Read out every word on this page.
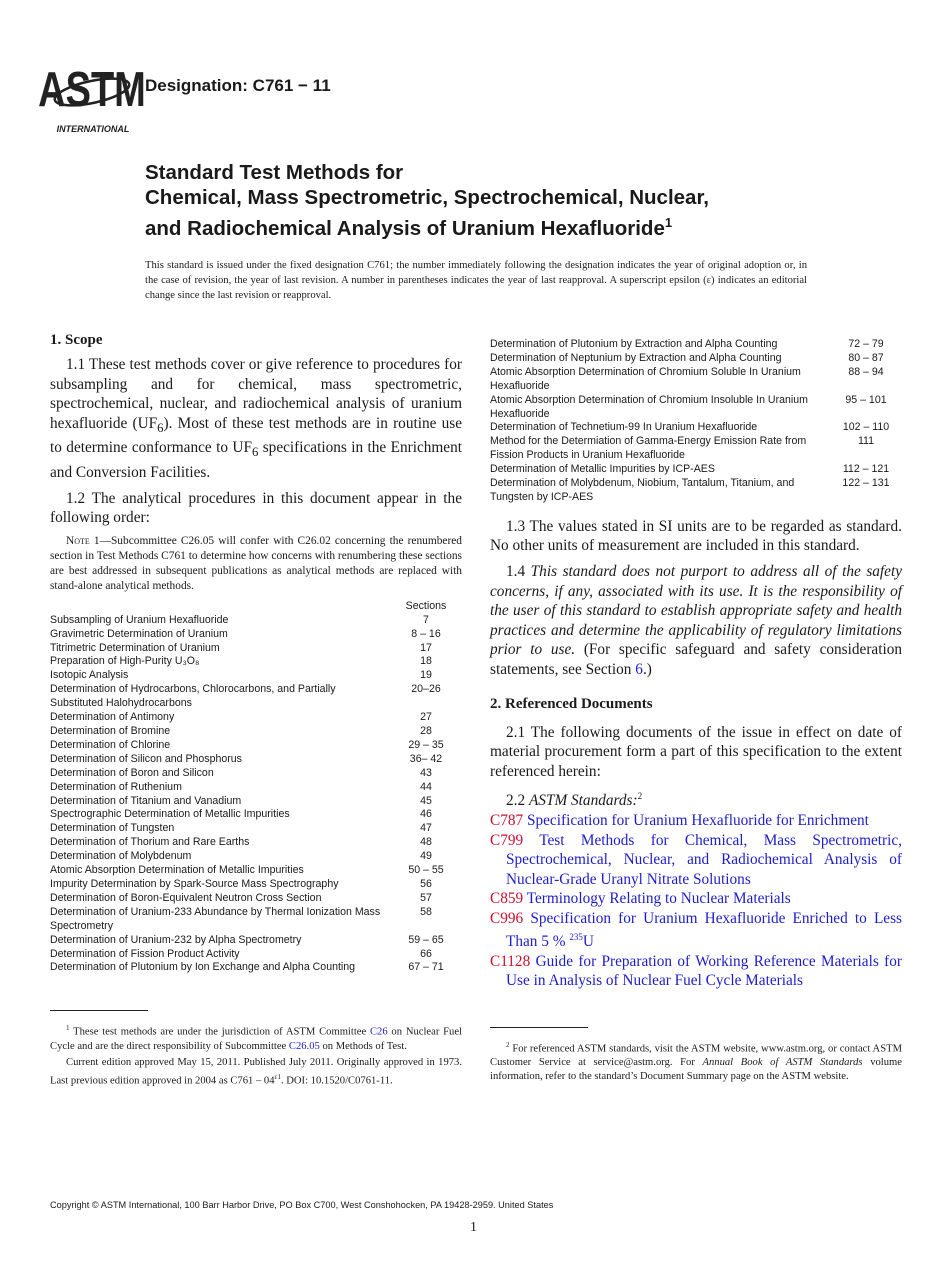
ASTM
INTERNATIONAL
Designation: C761 − 11
Standard Test Methods for
Chemical, Mass Spectrometric, Spectrochemical, Nuclear,
and Radiochemical Analysis of Uranium Hexafluoride$^1$
This standard is issued under the fixed designation C761; the number immediately following the designation indicates the year of original adoption or, in the case of revision, the year of last revision. A number in parentheses indicates the year of last reapproval. A superscript epsilon (ε) indicates an editorial change since the last revision or reapproval.
1. Scope

1.1 These test methods cover or give reference to procedures for subsampling and for chemical, mass spectrometric, spectrochemical, nuclear, and radiochemical analysis of uranium hexafluoride $(UF_6)$. Most of these test methods are in routine use to determine conformance to $UF_6$ specifications in the Enrichment and Conversion Facilities.

1.2 The analytical procedures in this document appear in the following order:

Note 1—Subcommittee C26.05 will confer with C26.02 concerning the renumbered section in Test Methods C761 to determine how concerns with renumbering these sections are best addressed in subsequent publications as analytical methods are replaced with stand-alone analytical methods.

	Sections
Subsampling of Uranium Hexafluoride	7
Gravimetric Determination of Uranium	8 – 16
Titrimetric Determination of Uranium	17
Preparation of High-Purity U₃O₈	18
Isotopic Analysis	19
Determination of Hydrocarbons, Chlorocarbons, and Partially Substituted Halohydrocarbons	20–26
Determination of Antimony	27
Determination of Bromine	28
Determination of Chlorine	29 – 35
Determination of Silicon and Phosphorus	36– 42
Determination of Boron and Silicon	43
Determination of Ruthenium	44
Determination of Titanium and Vanadium	45
Spectrographic Determination of Metallic Impurities	46
Determination of Tungsten	47
Determination of Thorium and Rare Earths	48
Determination of Molybdenum	49
Atomic Absorption Determination of Metallic Impurities	50 – 55
Impurity Determination by Spark-Source Mass Spectrography	56
Determination of Boron-Equivalent Neutron Cross Section	57
Determination of Uranium-233 Abundance by Thermal Ionization Mass Spectrometry	58
Determination of Uranium-232 by Alpha Spectrometry	59 – 65
Determination of Fission Product Activity	66
Determination of Plutonium by Ion Exchange and Alpha Counting	67 – 71

$^1$ These test methods are under the jurisdiction of ASTM Committee C26 on Nuclear Fuel Cycle and are the direct responsibility of Subcommittee C26.05 on Methods of Test.

Current edition approved May 15, 2011. Published July 2011. Originally approved in 1973. Last previous edition approved in 2004 as $C761 - 04^{\varepsilon 1}$. DOI: 10.1520/C0761-11.

Determination of Plutonium by Extraction and Alpha Counting	72 – 79
Determination of Neptunium by Extraction and Alpha Counting	80 – 87
Atomic Absorption Determination of Chromium Soluble In Uranium Hexafluoride	88 – 94
Atomic Absorption Determination of Chromium Insoluble In Uranium Hexafluoride	95 – 101
Determination of Technetium-99 In Uranium Hexafluoride	102 – 110
Method for the Determiation of Gamma-Energy Emission Rate from Fission Products in Uranium Hexafluoride	111
Determination of Metallic Impurities by ICP-AES	112 – 121
Determination of Molybdenum, Niobium, Tantalum, Titanium, and Tungsten by ICP-AES	122 – 131

1.3 The values stated in SI units are to be regarded as standard. No other units of measurement are included in this standard.

1.4 This standard does not purport to address all of the safety concerns, if any, associated with its use. It is the responsibility of the user of this standard to establish appropriate safety and health practices and determine the applicability of regulatory limitations prior to use. (For specific safeguard and safety consideration statements, see Section 6.)

2. Referenced Documents

2.1 The following documents of the issue in effect on date of material procurement form a part of this specification to the extent referenced herein:

2.2 ASTM Standards:$^2$

C787 Specification for Uranium Hexafluoride for Enrichment
C799 Test Methods for Chemical, Mass Spectrometric, Spectrochemical, Nuclear, and Radiochemical Analysis of Nuclear-Grade Uranyl Nitrate Solutions
C859 Terminology Relating to Nuclear Materials
C996 Specification for Uranium Hexafluoride Enriched to Less Than 5 % $^{235}$U
C1128 Guide for Preparation of Working Reference Materials for Use in Analysis of Nuclear Fuel Cycle Materials

$^2$ For referenced ASTM standards, visit the ASTM website, www.astm.org, or contact ASTM Customer Service at service@astm.org. For Annual Book of ASTM Standards volume information, refer to the standard’s Document Summary page on the ASTM website.

Copyright © ASTM International, 100 Barr Harbor Drive, PO Box C700, West Conshohocken, PA 19428-2959. United States
1
